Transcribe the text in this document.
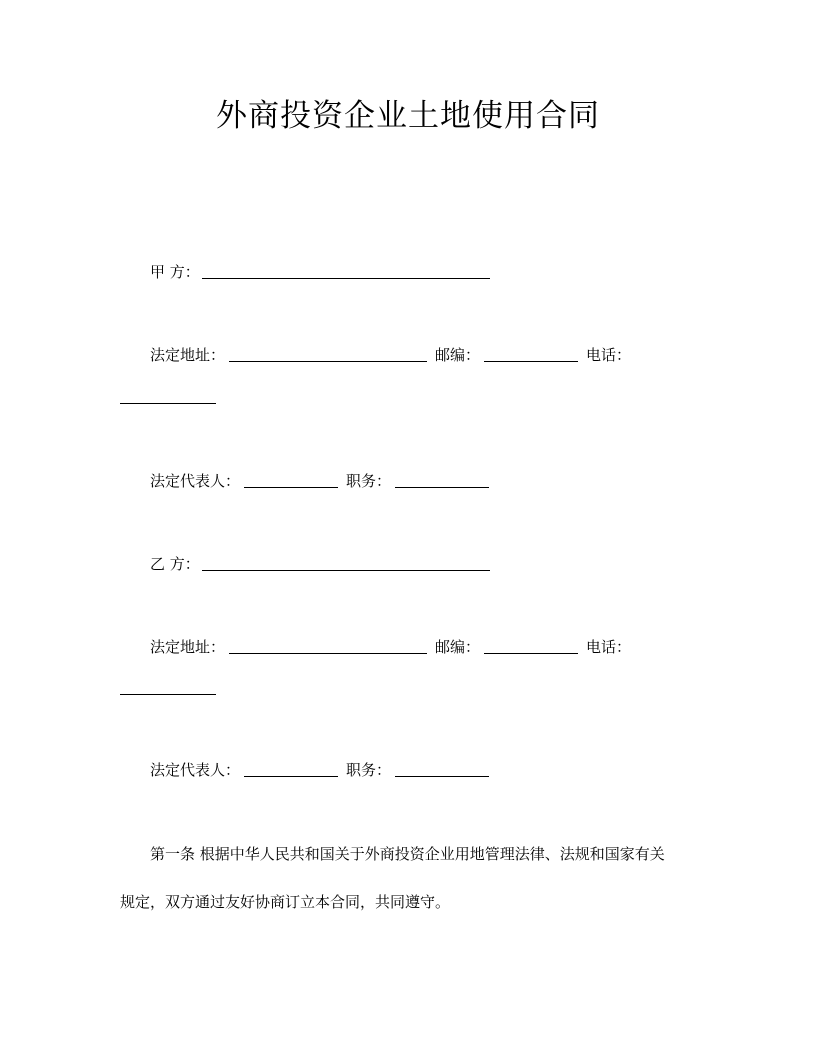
外商投资企业土地使用合同
甲 方：
法定地址：	邮编：	电话：
法定代表人：	职务：
乙 方：
法定地址：	邮编：	电话：
法定代表人：	职务：
第一条 根据中华人民共和国关于外商投资企业用地管理法律、法规和国家有关
规定，双方通过友好协商订立本合同，共同遵守。
